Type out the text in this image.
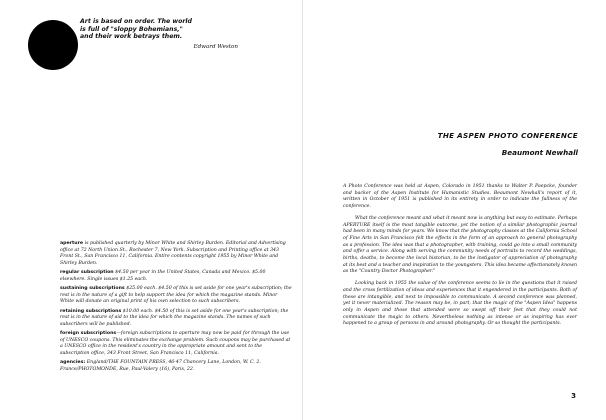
Art is based on order. The world
is full of "sloppy Bohemians,"
and their work betrays them.
Edward Weston

aperture is published quarterly by Minor White and Shirley Burden. Editorial and Advertising office at 72 North Union St., Rochester 7, New York. Subscription and Printing office at 343 Front St., San Francisco 11, California. Entire contents copyright 1955 by Minor White and Shirley Burden.

regular subscription $4.50 per year in the United States, Canada and Mexico. $5.00 elsewhere. Single issues $1.25 each.

sustaining subscriptions $25.00 each. $4.50 of this is set aside for one year's subscription; the rest is in the nature of a gift to help support the idea for which the magazine stands. Minor White will donate an original print of his own selection to such subscribers.

retaining subscriptions $10.00 each. $4.50 of this is set aside for one year's subscription; the rest is in the nature of aid to the idea for which the magazine stands. The names of such subscribers will be published.

foreign subscriptions—foreign subscriptions to aperture may now be paid for through the use of UNESCO coupons. This eliminates the exchange problem. Such coupons may be purchased at a UNESCO office in the resident's country in the appropriate amount and sent to the subscription office, 343 Front Street, San Francisco 11, California.

agencies: England/THE FOUNTAIN PRESS, 46-47 Chancery Lane, London, W. C. 2. France/PHOTOMONDE, Rue, Paul-Valery (16), Paris, 22.

THE ASPEN PHOTO CONFERENCE
Beaumont Newhall

A Photo Conference was held at Aspen, Colorado in 1951 thanks to Walter P. Paepcke, founder and backer of the Aspen Institute for Humanistic Studies. Beaumont Newhall's report of it, written in October of 1951 is published in its entirety in order to indicate the fullness of the conference.

What the conference meant and what it meant now is anything but easy to estimate. Perhaps APERTURE itself is the most tangible outcome, yet the notion of a similar photographic journal had been in many minds for years. We know that the photography classes at the California School of Fine Arts in San Francisco felt the effects in the form of an approach to general photography as a profession. The idea was that a photographer, with training, could go into a small community and offer a service. Along with serving the community needs of portraits to record the weddings, births, deaths, to become the local historian, to be the instigator of appreciation of photography at its best and a teacher and inspiration to the youngsters. This idea became affectionately known as the "Country Doctor Photographer."

Looking back in 1955 the value of the conference seems to lie in the questions that it raised and the cross fertilization of ideas and experiences that it engendered in the participants. Both of these are intangible, and next to impossible to communicate. A second conference was planned, yet it never materialized. The reason may be, in part, that the magic of the "Aspen Idea" happens only in Aspen and those that attended were so swept off their feet that they could not communicate the magic to others. Nevertheless nothing as intense or as inspiring has ever happened to a group of persons in and around photography. Or so thought the participants.

3
